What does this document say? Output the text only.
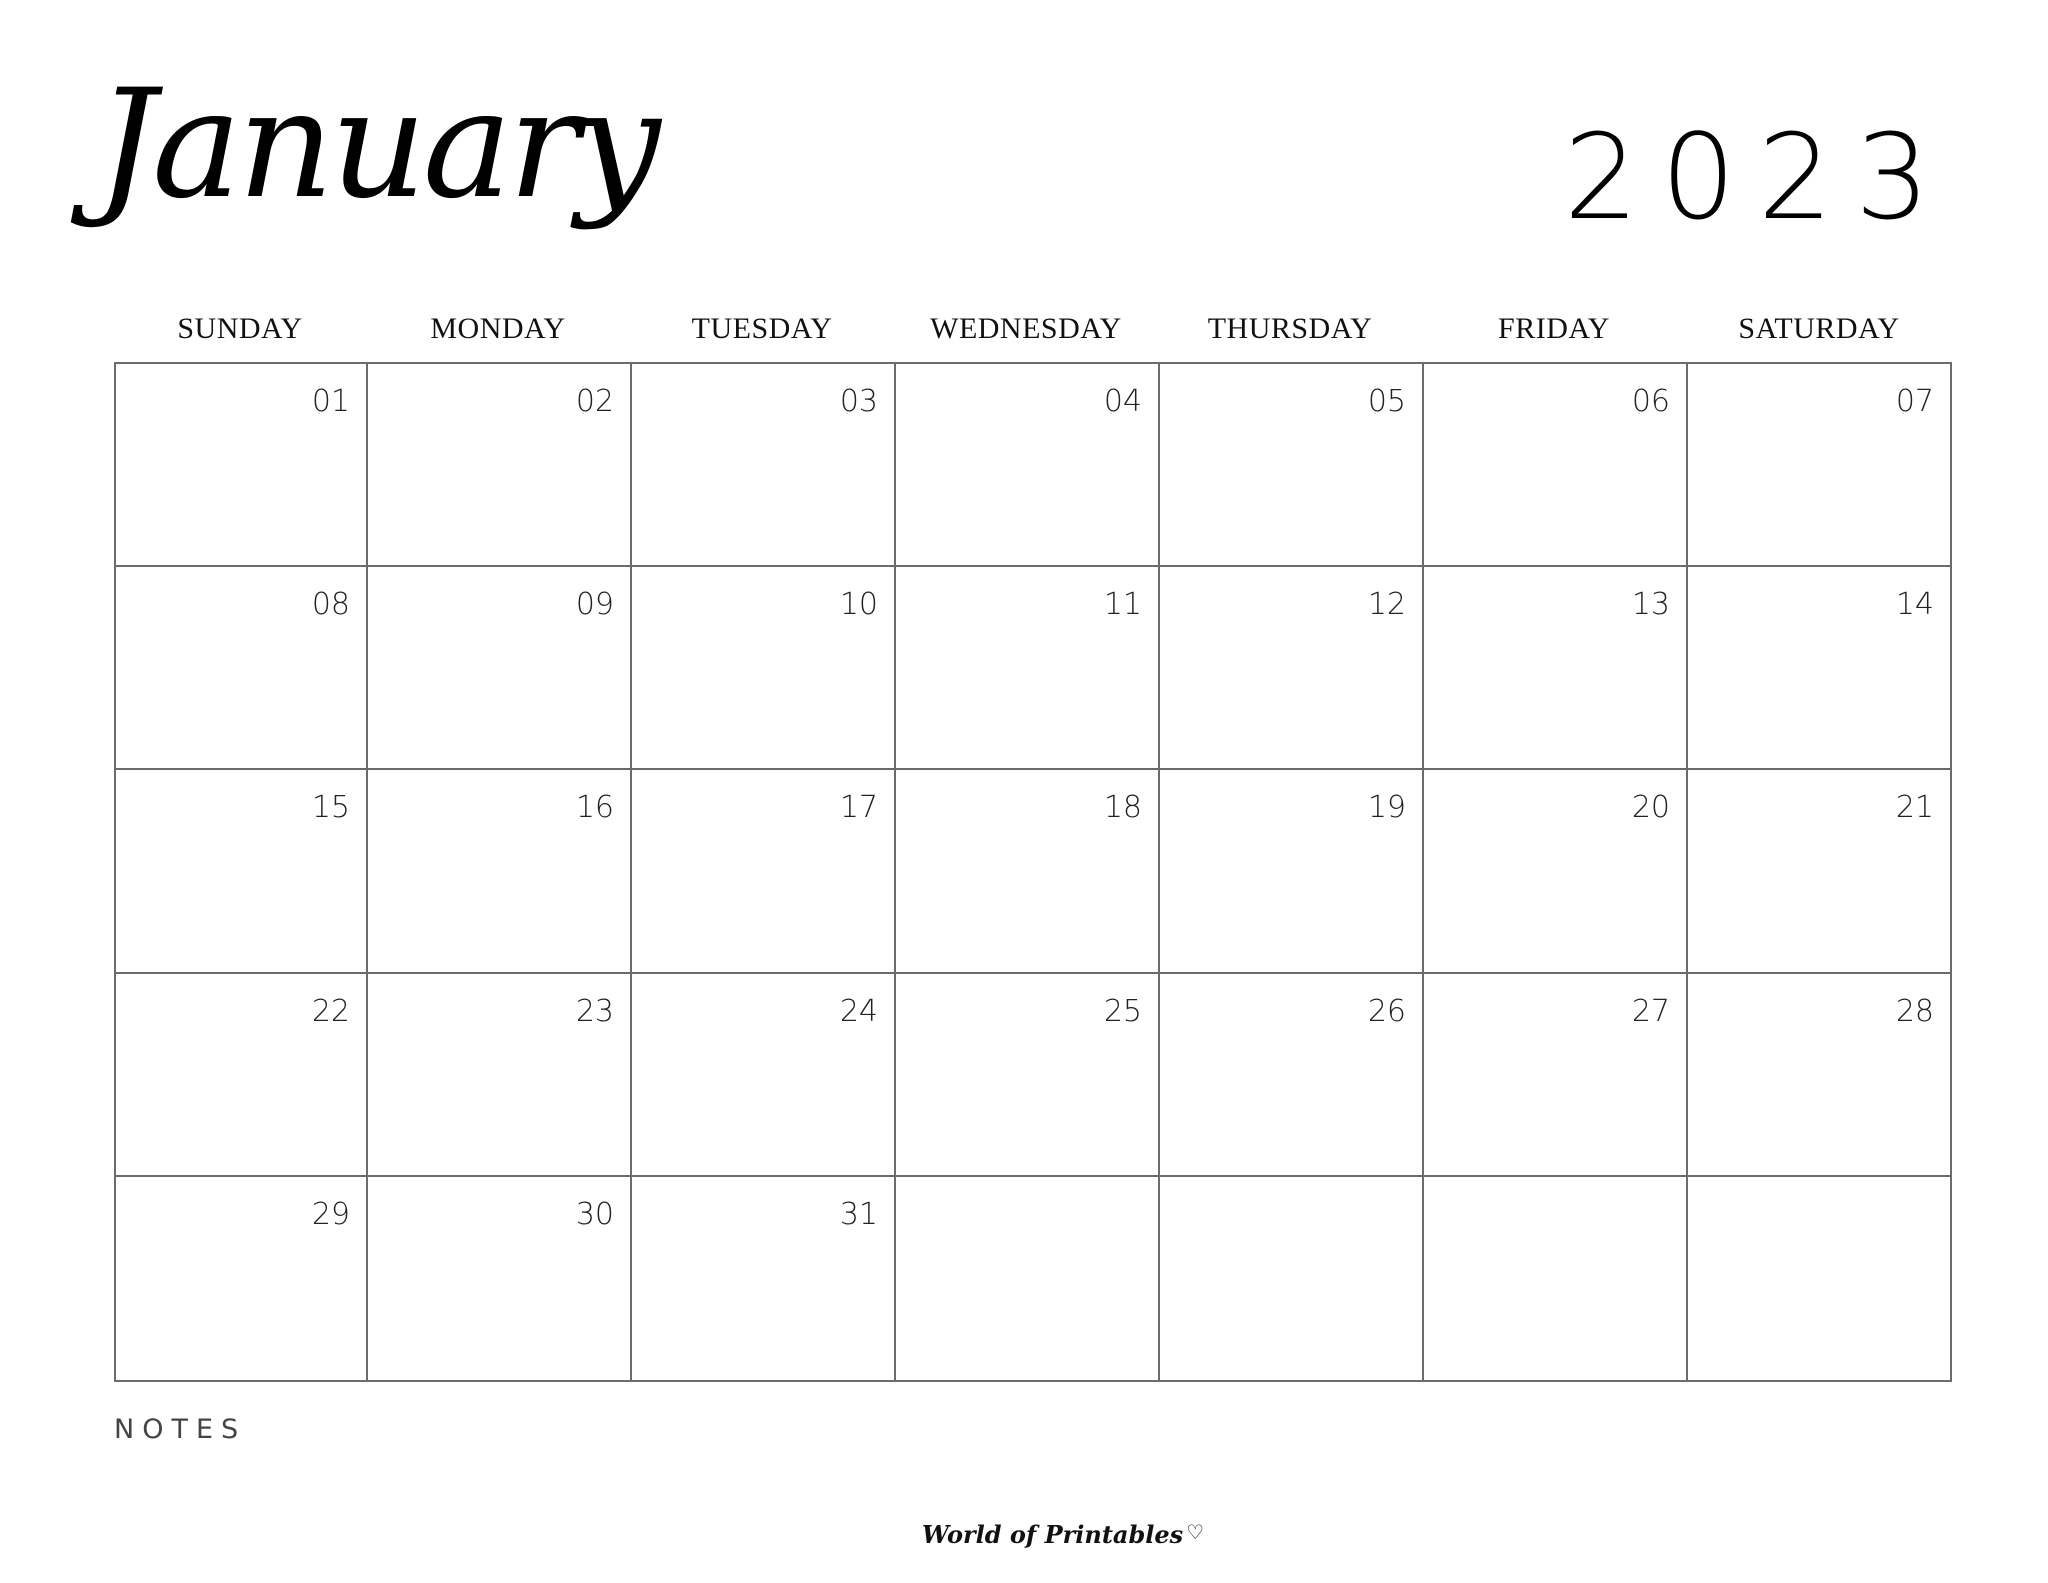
January	2023
SUNDAY	MONDAY	TUESDAY	WEDNESDAY	THURSDAY	FRIDAY	SATURDAY
01	02	03	04	05	06	07
08	09	10	11	12	13	14
15	16	17	18	19	20	21
22	23	24	25	26	27	28
29	30	31
NOTES
World of Printables ♡
